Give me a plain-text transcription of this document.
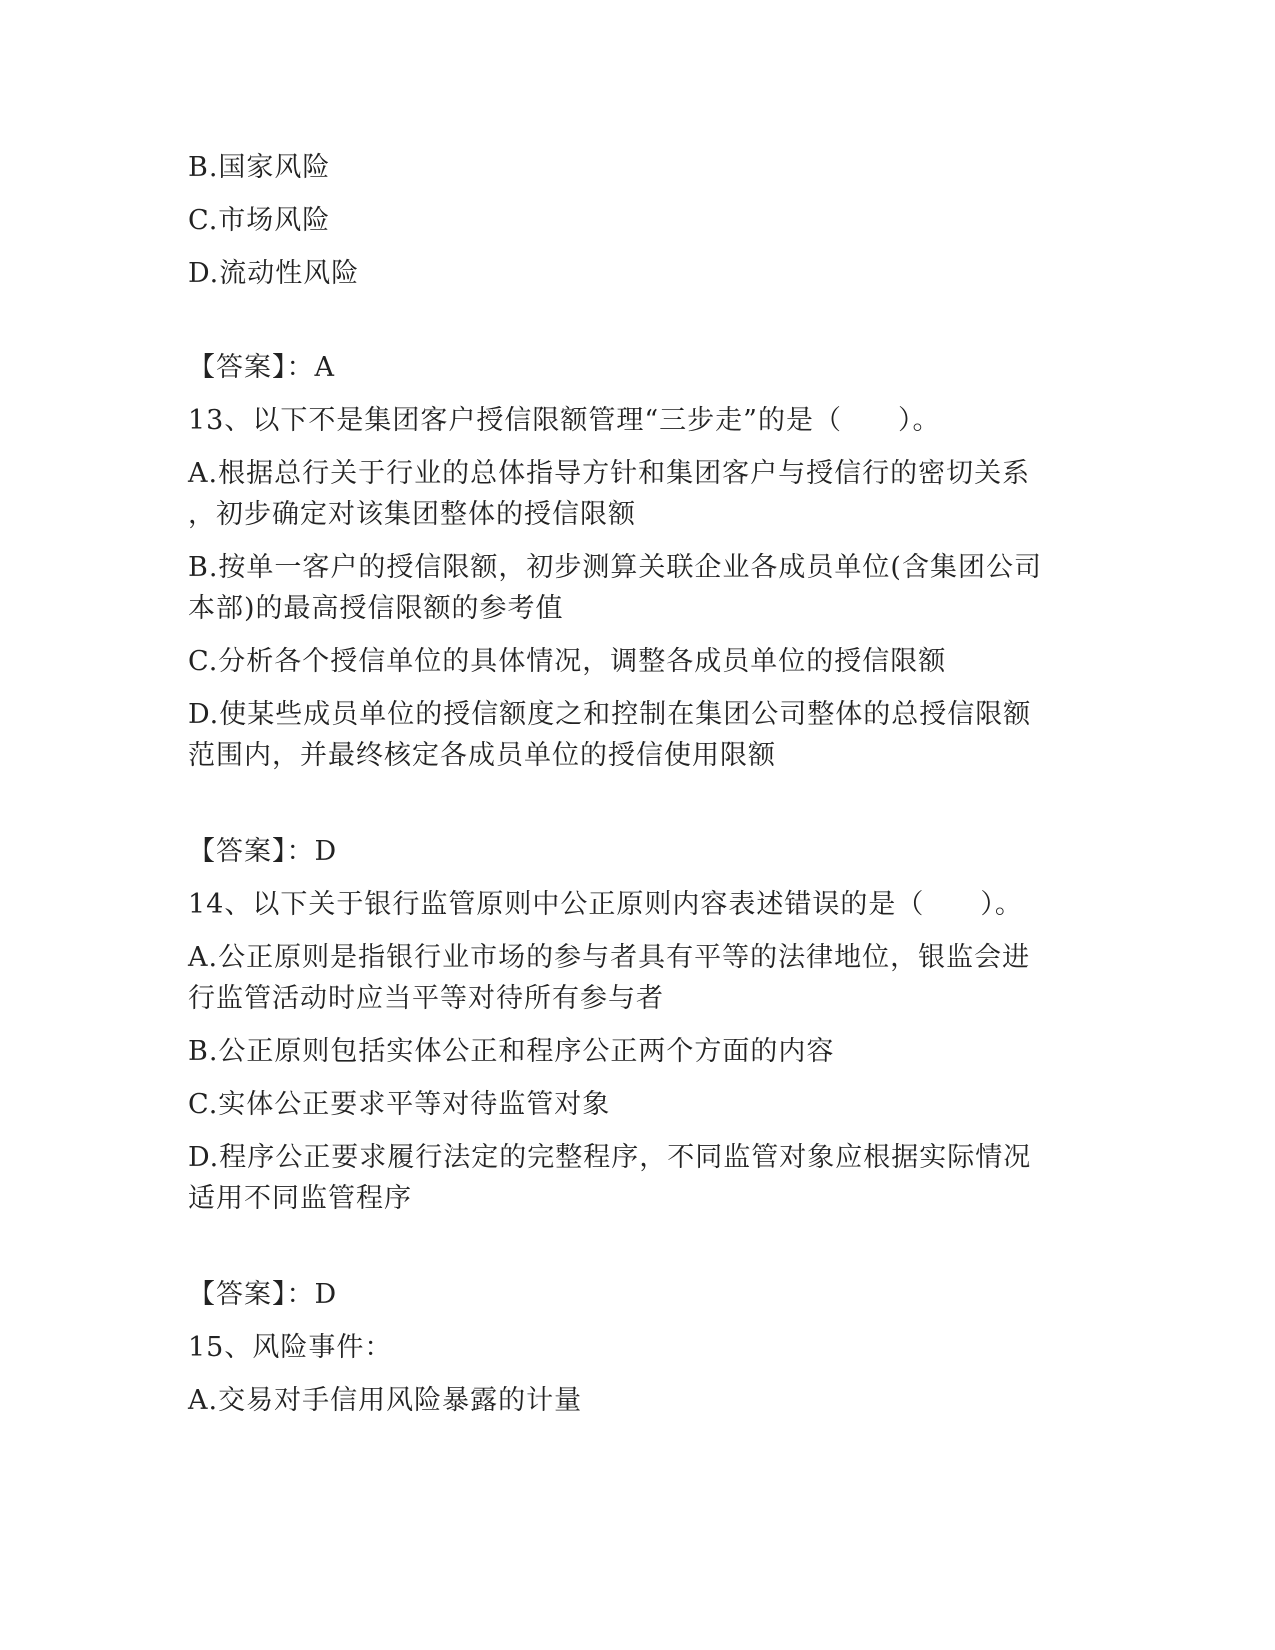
B.国家风险
C.市场风险
D.流动性风险
【答案】：A
13、以下不是集团客户授信限额管理“三步走”的是（　　）。
A.根据总行关于行业的总体指导方针和集团客户与授信行的密切关系
，初步确定对该集团整体的授信限额
B.按单一客户的授信限额，初步测算关联企业各成员单位(含集团公司
本部)的最高授信限额的参考值
C.分析各个授信单位的具体情况，调整各成员单位的授信限额
D.使某些成员单位的授信额度之和控制在集团公司整体的总授信限额
范围内，并最终核定各成员单位的授信使用限额
【答案】：D
14、以下关于银行监管原则中公正原则内容表述错误的是（　　）。
A.公正原则是指银行业市场的参与者具有平等的法律地位，银监会进
行监管活动时应当平等对待所有参与者
B.公正原则包括实体公正和程序公正两个方面的内容
C.实体公正要求平等对待监管对象
D.程序公正要求履行法定的完整程序，不同监管对象应根据实际情况
适用不同监管程序
【答案】：D
15、风险事件：
A.交易对手信用风险暴露的计量
